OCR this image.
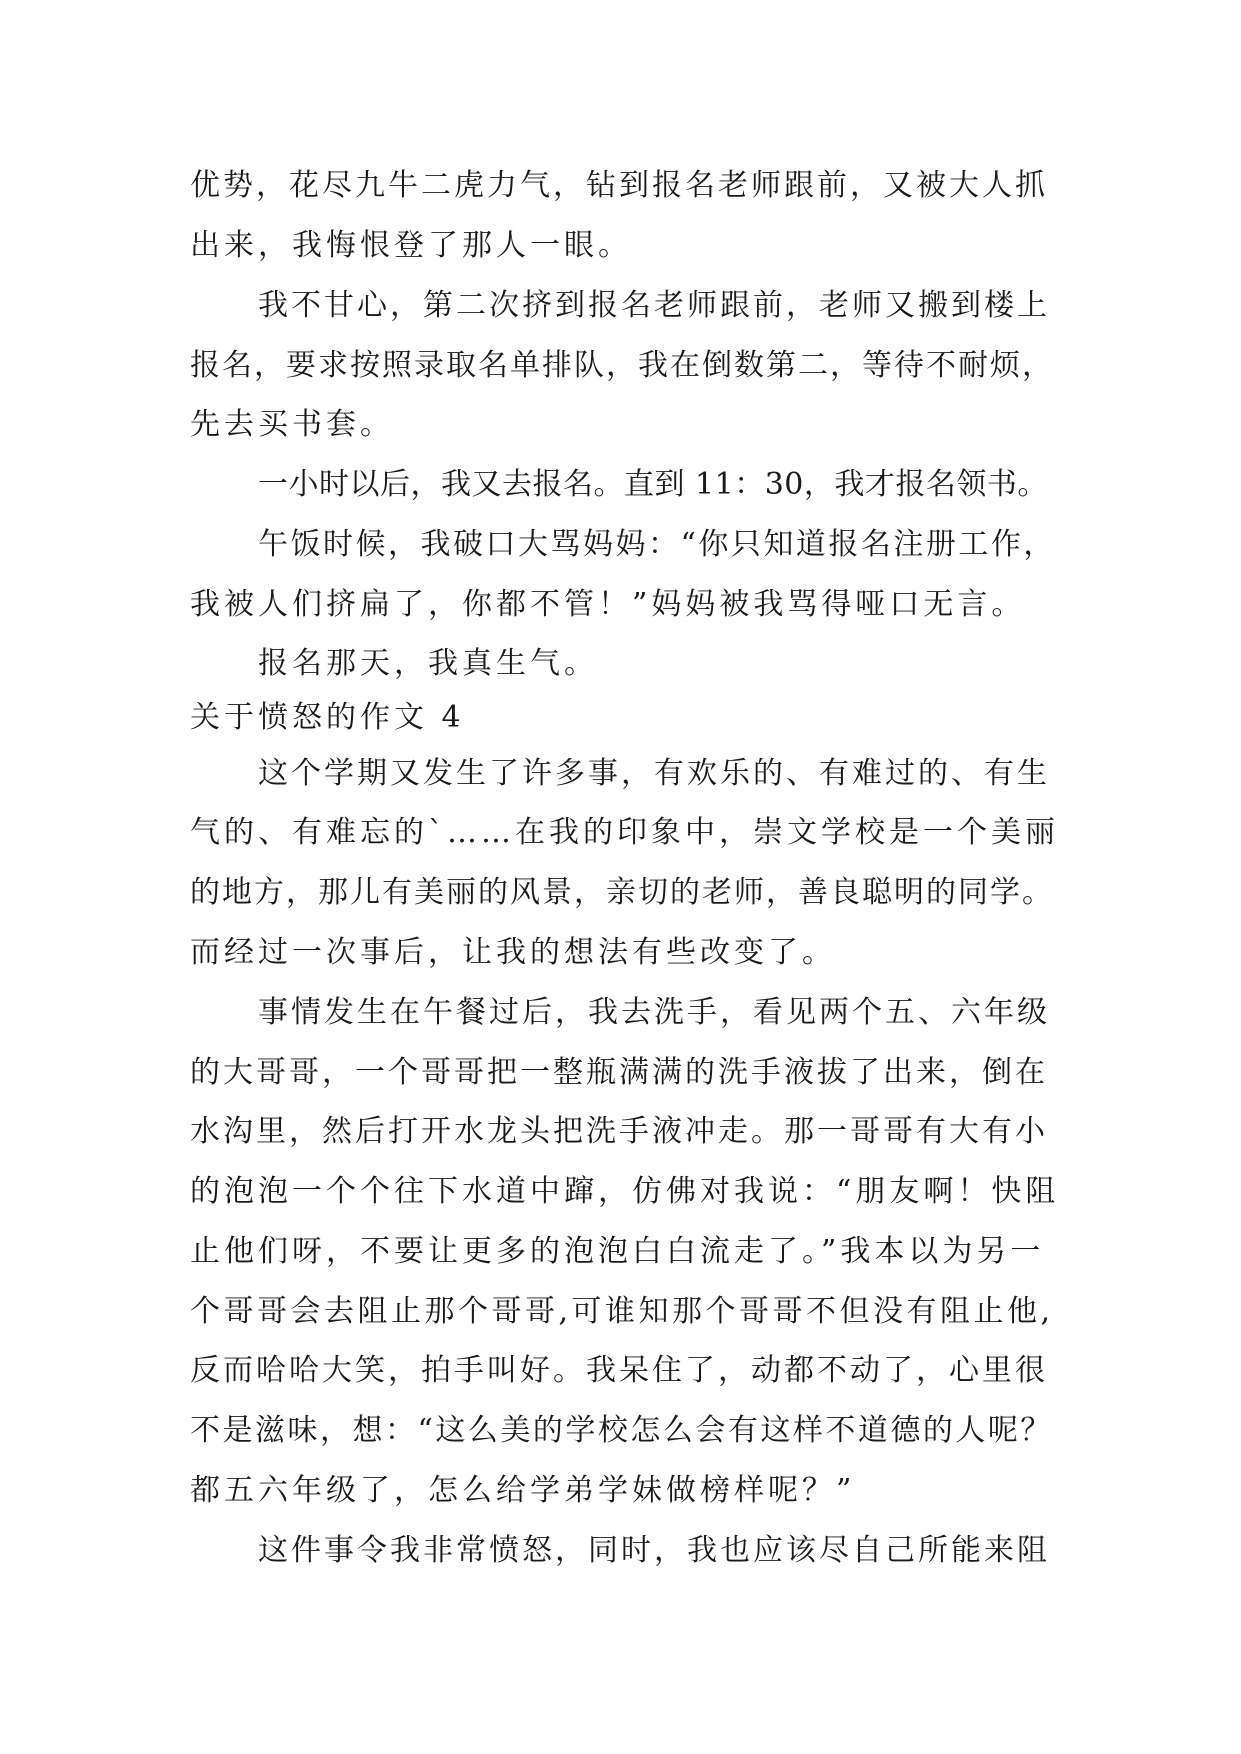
优势，花尽九牛二虎力气，钻到报名老师跟前，又被大人抓
出来，我悔恨登了那人一眼。
我不甘心，第二次挤到报名老师跟前，老师又搬到楼上
报名，要求按照录取名单排队，我在倒数第二，等待不耐烦，
先去买书套。
一小时以后，我又去报名。直到 11：30，我才报名领书。
午饭时候，我破口大骂妈妈：“你只知道报名注册工作，
我被人们挤扁了，你都不管！”妈妈被我骂得哑口无言。
报名那天，我真生气。
关于愤怒的作文 4
这个学期又发生了许多事，有欢乐的、有难过的、有生
气的、有难忘的`……在我的印象中，崇文学校是一个美丽
的地方，那儿有美丽的风景，亲切的老师，善良聪明的同学。
而经过一次事后，让我的想法有些改变了。
事情发生在午餐过后，我去洗手，看见两个五、六年级
的大哥哥，一个哥哥把一整瓶满满的洗手液拔了出来，倒在
水沟里，然后打开水龙头把洗手液冲走。那一哥哥有大有小
的泡泡一个个往下水道中蹿，仿佛对我说：“朋友啊！快阻
止他们呀，不要让更多的泡泡白白流走了。”我本以为另一
个哥哥会去阻止那个哥哥,可谁知那个哥哥不但没有阻止他,
反而哈哈大笑，拍手叫好。我呆住了，动都不动了，心里很
不是滋味，想：“这么美的学校怎么会有这样不道德的人呢？
都五六年级了，怎么给学弟学妹做榜样呢？”
这件事令我非常愤怒，同时，我也应该尽自己所能来阻
